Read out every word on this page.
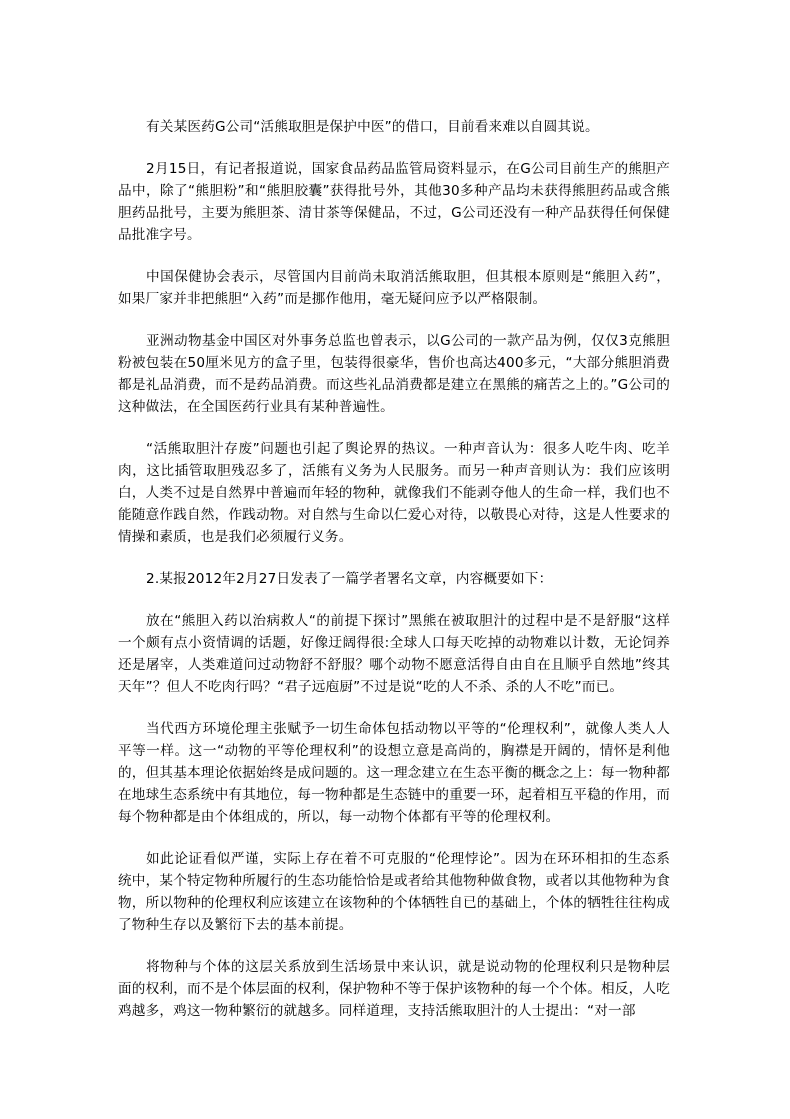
有关某医药G公司“活熊取胆是保护中医”的借口，目前看来难以自圆其说。

2月15日，有记者报道说，国家食品药品监管局资料显示，在G公司目前生产的熊胆产品中，除了“熊胆粉”和“熊胆胶囊”获得批号外，其他30多种产品均未获得熊胆药品或含熊胆药品批号，主要为熊胆茶、清甘茶等保健品，不过，G公司还没有一种产品获得任何保健品批准字号。

中国保健协会表示，尽管国内目前尚未取消活熊取胆，但其根本原则是“熊胆入药”，如果厂家并非把熊胆“入药”而是挪作他用，毫无疑问应予以严格限制。

亚洲动物基金中国区对外事务总监也曾表示，以G公司的一款产品为例，仅仅3克熊胆粉被包装在50厘米见方的盒子里，包装得很豪华，售价也高达400多元，“大部分熊胆消费都是礼品消费，而不是药品消费。而这些礼品消费都是建立在黑熊的痛苦之上的。”G公司的这种做法，在全国医药行业具有某种普遍性。

“活熊取胆汁存废”问题也引起了舆论界的热议。一种声音认为：很多人吃牛肉、吃羊肉，这比插管取胆残忍多了，活熊有义务为人民服务。而另一种声音则认为：我们应该明白，人类不过是自然界中普遍而年轻的物种，就像我们不能剥夺他人的生命一样，我们也不能随意作践自然，作践动物。对自然与生命以仁爱心对待，以敬畏心对待，这是人性要求的情操和素质，也是我们必须履行义务。

2.某报2012年2月27日发表了一篇学者署名文章，内容概要如下：

放在“熊胆入药以治病救人“的前提下探讨”黑熊在被取胆汁的过程中是不是舒服“这样一个颇有点小资情调的话题，好像迂阔得很:全球人口每天吃掉的动物难以计数，无论饲养还是屠宰，人类难道问过动物舒不舒服？哪个动物不愿意活得自由自在且顺乎自然地”终其天年”？但人不吃肉行吗？“君子远庖厨”不过是说“吃的人不杀、杀的人不吃”而已。

当代西方环境伦理主张赋予一切生命体包括动物以平等的“伦理权利”，就像人类人人平等一样。这一“动物的平等伦理权利”的设想立意是高尚的，胸襟是开阔的，情怀是利他的，但其基本理论依据始终是成问题的。这一理念建立在生态平衡的概念之上：每一物种都在地球生态系统中有其地位，每一物种都是生态链中的重要一环，起着相互平稳的作用，而每个物种都是由个体组成的，所以，每一动物个体都有平等的伦理权利。

如此论证看似严谨，实际上存在着不可克服的“伦理悖论”。因为在环环相扣的生态系统中，某个特定物种所履行的生态功能恰恰是或者给其他物种做食物，或者以其他物种为食物，所以物种的伦理权利应该建立在该物种的个体牺牲自已的基础上，个体的牺牲往往构成了物种生存以及繁衍下去的基本前提。

将物种与个体的这层关系放到生活场景中来认识，就是说动物的伦理权利只是物种层面的权利，而不是个体层面的权利，保护物种不等于保护该物种的每一个个体。相反，人吃鸡越多，鸡这一物种繁衍的就越多。同样道理，支持活熊取胆汁的人士提出：“对一部
